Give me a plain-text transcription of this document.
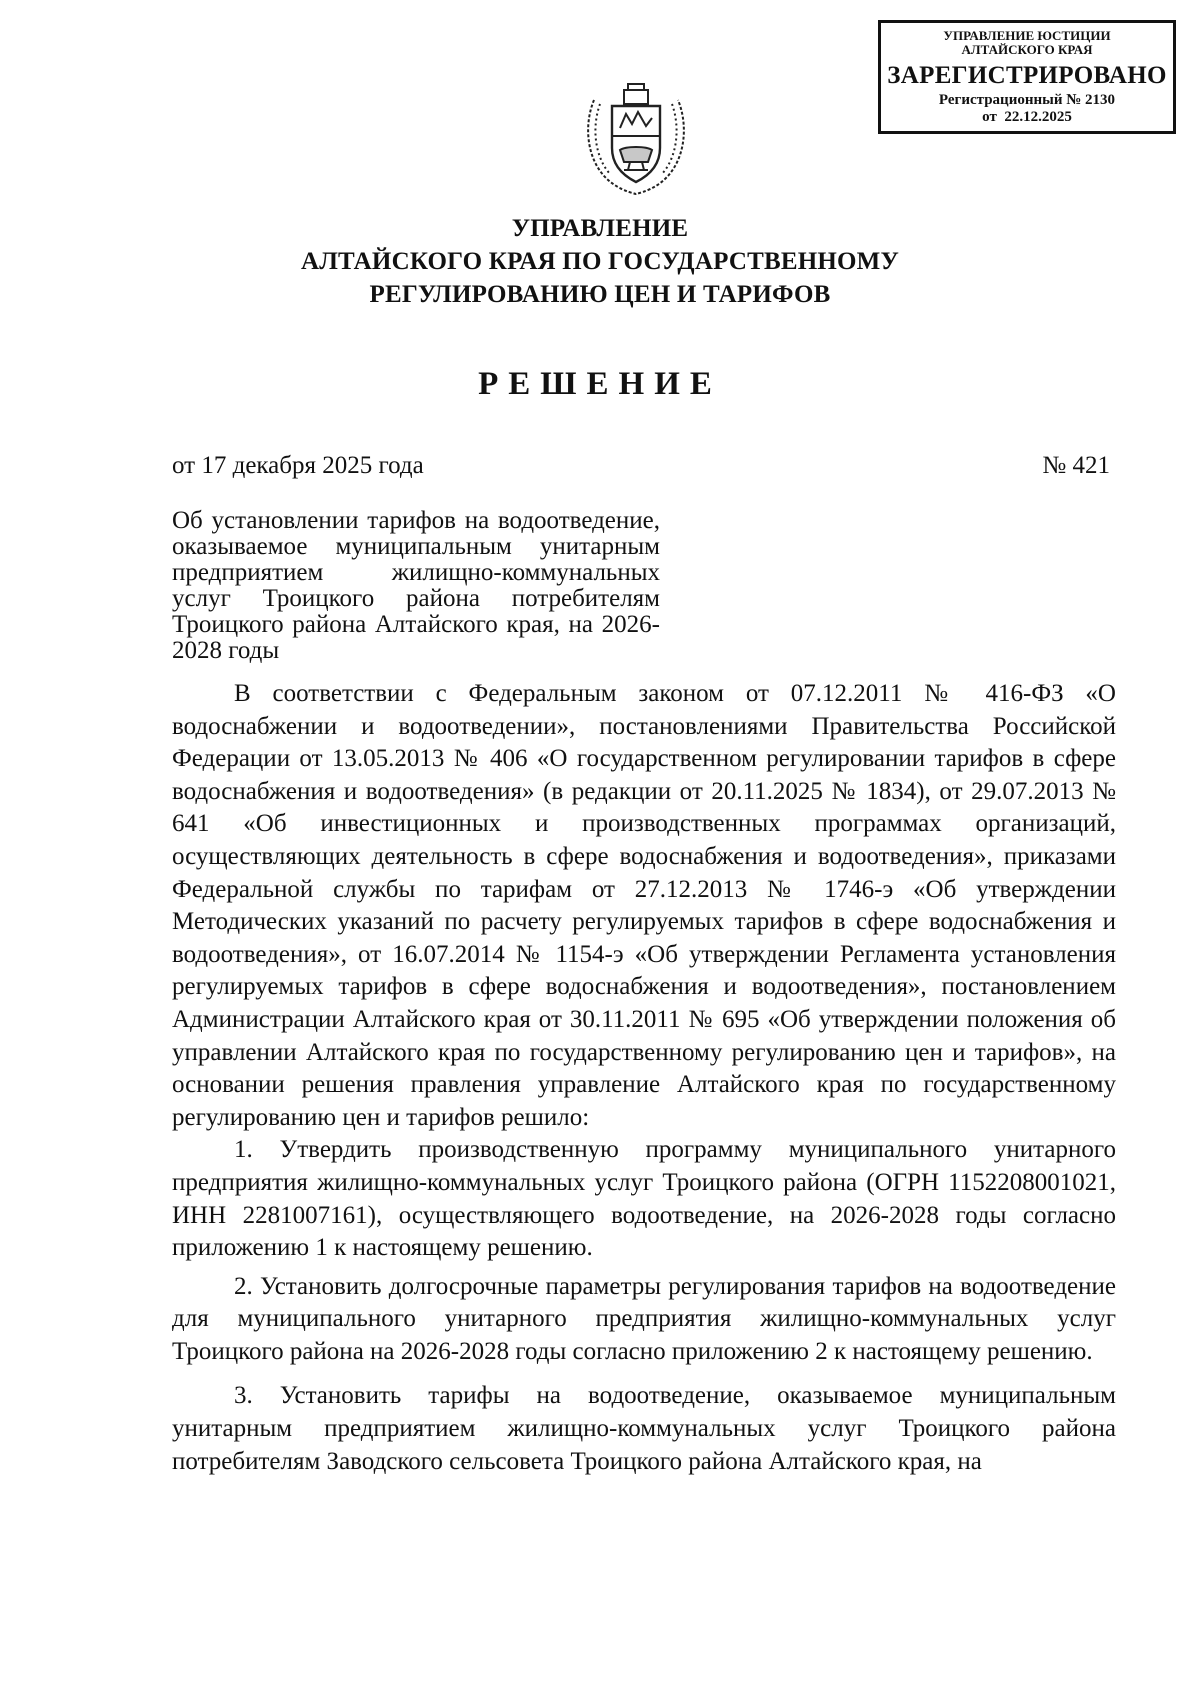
УПРАВЛЕНИЕ ЮСТИЦИИ
АЛТАЙСКОГО КРАЯ
ЗАРЕГИСТРИРОВАНО
Регистрационный № 2130
от  22.12.2025
УПРАВЛЕНИЕ
АЛТАЙСКОГО КРАЯ ПО ГОСУДАРСТВЕННОМУ
РЕГУЛИРОВАНИЮ ЦЕН И ТАРИФОВ
РЕШЕНИЕ
от 17 декабря 2025 года	№ 421
Об установлении тарифов на водоотведение, оказываемое муниципальным унитарным предприятием жилищно-коммунальных услуг Троицкого района потребителям Троицкого района Алтайского края, на 2026-2028 годы

В соответствии с Федеральным законом от 07.12.2011 № 416-ФЗ «О водоснабжении и водоотведении», постановлениями Правительства Российской Федерации от 13.05.2013 № 406 «О государственном регулировании тарифов в сфере водоснабжения и водоотведения» (в редакции от 20.11.2025 № 1834), от 29.07.2013 № 641 «Об инвестиционных и производственных программах организаций, осуществляющих деятельность в сфере водоснабжения и водоотведения», приказами Федеральной службы по тарифам от 27.12.2013 № 1746-э «Об утверждении Методических указаний по расчету регулируемых тарифов в сфере водоснабжения и водоотведения», от 16.07.2014 № 1154-э «Об утверждении Регламента установления регулируемых тарифов в сфере водоснабжения и водоотведения», постановлением Администрации Алтайского края от 30.11.2011 № 695 «Об утверждении положения об управлении Алтайского края по государственному регулированию цен и тарифов», на основании решения правления управление Алтайского края по государственному регулированию цен и тарифов решило:

1. Утвердить производственную программу муниципального унитарного предприятия жилищно-коммунальных услуг Троицкого района (ОГРН 1152208001021, ИНН 2281007161), осуществляющего водоотведение, на 2026-2028 годы согласно приложению 1 к настоящему решению.

2. Установить долгосрочные параметры регулирования тарифов на водоотведение для муниципального унитарного предприятия жилищно-коммунальных услуг Троицкого района на 2026-2028 годы согласно приложению 2 к настоящему решению.

3. Установить тарифы на водоотведение, оказываемое муниципальным унитарным предприятием жилищно-коммунальных услуг Троицкого района потребителям Заводского сельсовета Троицкого района Алтайского края, на
